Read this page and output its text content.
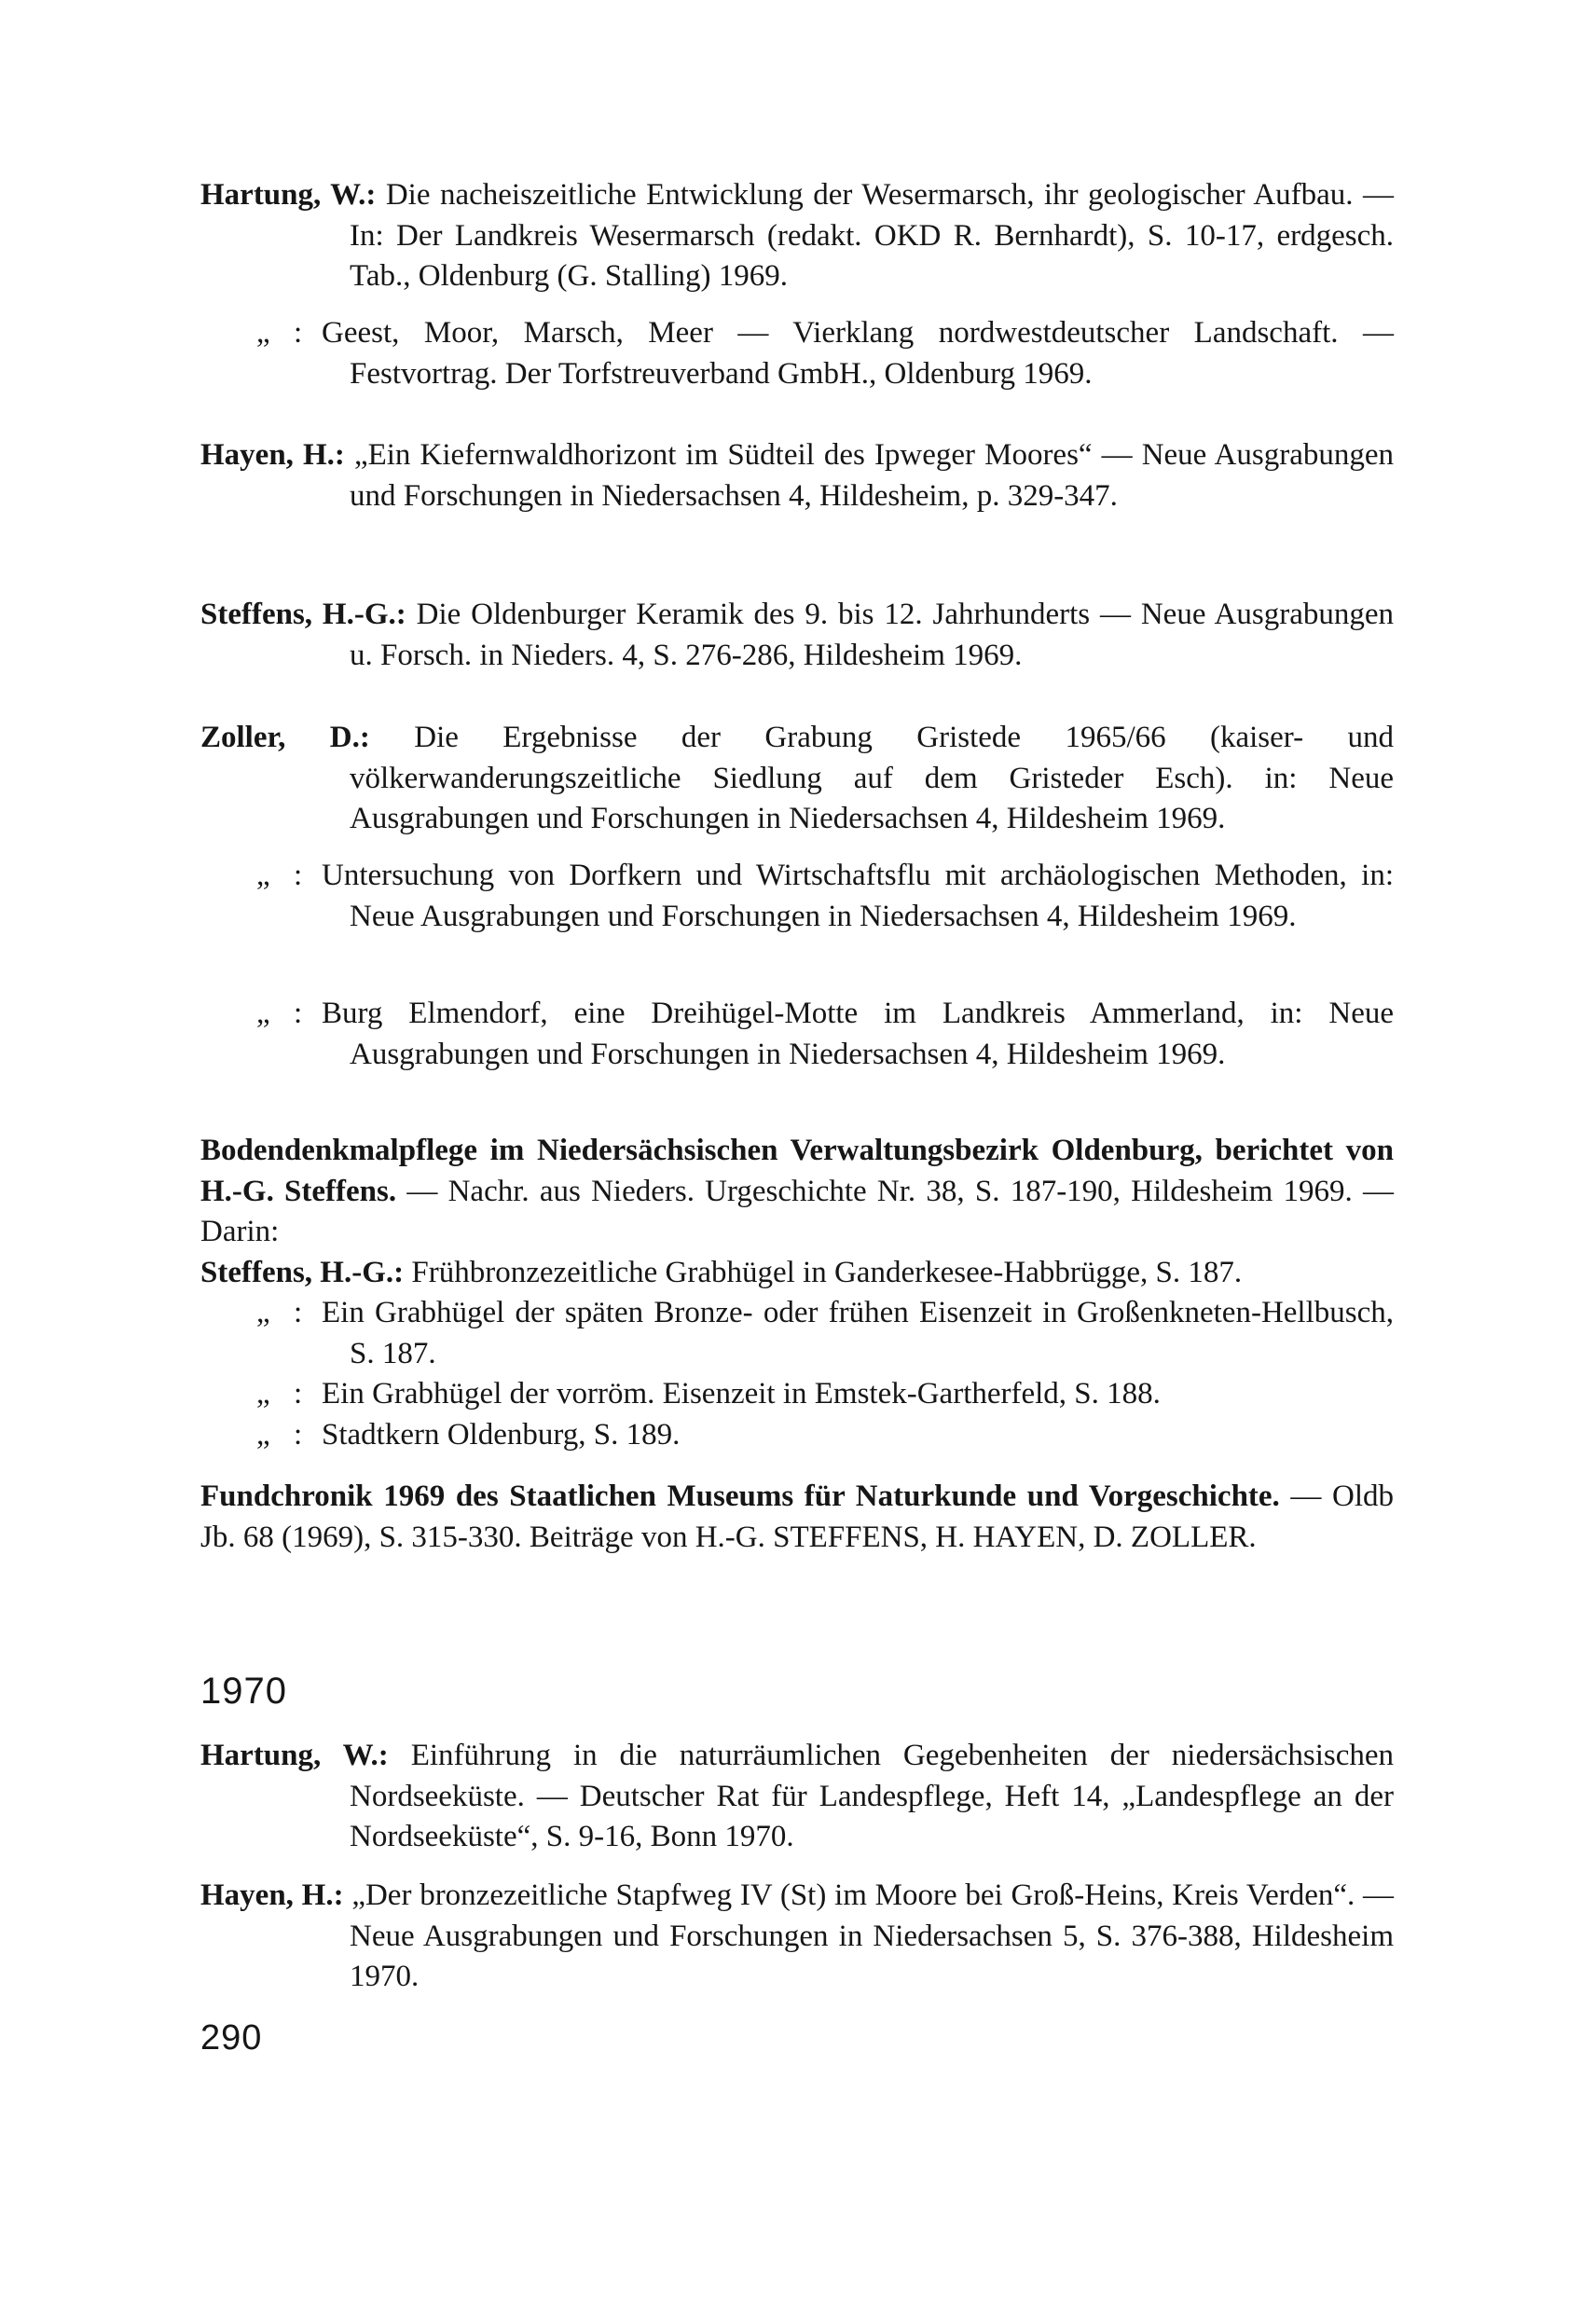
Hartung, W.: Die nacheiszeitliche Entwicklung der Wesermarsch, ihr geologischer Aufbau. — In: Der Landkreis Wesermarsch (redakt. OKD R. Bernhardt), S. 10-17, erdgesch. Tab., Oldenburg (G. Stalling) 1969.
„ : Geest, Moor, Marsch, Meer — Vierklang nordwestdeutscher Landschaft. — Festvortrag. Der Torfstreuverband GmbH., Oldenburg 1969.
Hayen, H.: „Ein Kiefernwaldhorizont im Südteil des Ipweger Moores“ — Neue Ausgrabungen und Forschungen in Niedersachsen 4, Hildesheim, p. 329-347.
Steffens, H.-G.: Die Oldenburger Keramik des 9. bis 12. Jahrhunderts — Neue Ausgrabungen u. Forsch. in Nieders. 4, S. 276-286, Hildesheim 1969.
Zoller, D.: Die Ergebnisse der Grabung Gristede 1965/66 (kaiser- und völkerwanderungszeitliche Siedlung auf dem Gristeder Esch). in: Neue Ausgrabungen und Forschungen in Niedersachsen 4, Hildesheim 1969.
„ : Untersuchung von Dorfkern und Wirtschaftsflu mit archäologischen Methoden, in: Neue Ausgrabungen und Forschungen in Niedersachsen 4, Hildesheim 1969.
„ : Burg Elmendorf, eine Dreihügel-Motte im Landkreis Ammerland, in: Neue Ausgrabungen und Forschungen in Niedersachsen 4, Hildesheim 1969.

Bodendenkmalpflege im Niedersächsischen Verwaltungsbezirk Oldenburg, berichtet von H.-G. Steffens. — Nachr. aus Nieders. Urgeschichte Nr. 38, S. 187-190, Hildesheim 1969. — Darin:

Steffens, H.-G.: Frühbronzezeitliche Grabhügel in Ganderkesee-Habbrügge, S. 187.

„ : Ein Grabhügel der späten Bronze- oder frühen Eisenzeit in Großenkneten-Hellbusch, S. 187.

„ : Ein Grabhügel der vorröm. Eisenzeit in Emstek-Gartherfeld, S. 188.

„ : Stadtkern Oldenburg, S. 189.

Fundchronik 1969 des Staatlichen Museums für Naturkunde und Vorgeschichte. — Oldb Jb. 68 (1969), S. 315-330. Beiträge von H.-G. STEFFENS, H. HAYEN, D. ZOLLER.
1970
Hartung, W.: Einführung in die naturräumlichen Gegebenheiten der niedersächsischen Nordseeküste. — Deutscher Rat für Landespflege, Heft 14, „Landespflege an der Nordseeküste“, S. 9-16, Bonn 1970.
Hayen, H.: „Der bronzezeitliche Stapfweg IV (St) im Moore bei Groß-Heins, Kreis Verden“. — Neue Ausgrabungen und Forschungen in Niedersachsen 5, S. 376-388, Hildesheim 1970.
290
